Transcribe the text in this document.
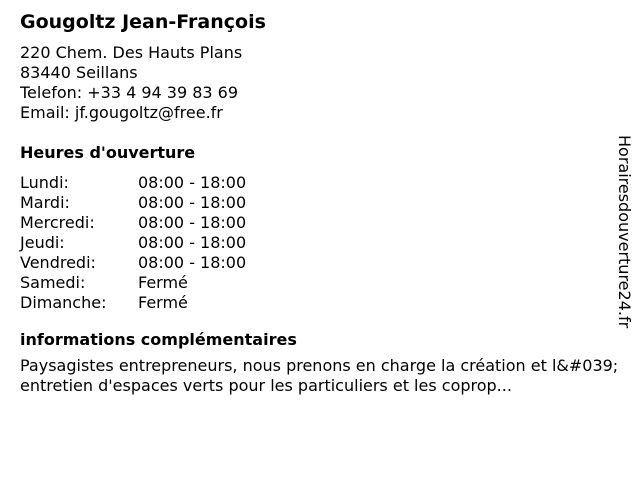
Gougoltz Jean-François
220 Chem. Des Hauts Plans
83440 Seillans
Telefon: +33 4 94 39 83 69
Email: jf.gougoltz@free.fr
Heures d'ouverture
Lundi:	08:00 - 18:00
Mardi:	08:00 - 18:00
Mercredi:	08:00 - 18:00
Jeudi:	08:00 - 18:00
Vendredi:	08:00 - 18:00
Samedi:	Fermé
Dimanche:	Fermé
informations complémentaires
Paysagistes entrepreneurs, nous prenons en charge la création et l&#039;entretien d'espaces verts pour les particuliers et les coprop...
Horairesdouverture24.fr
